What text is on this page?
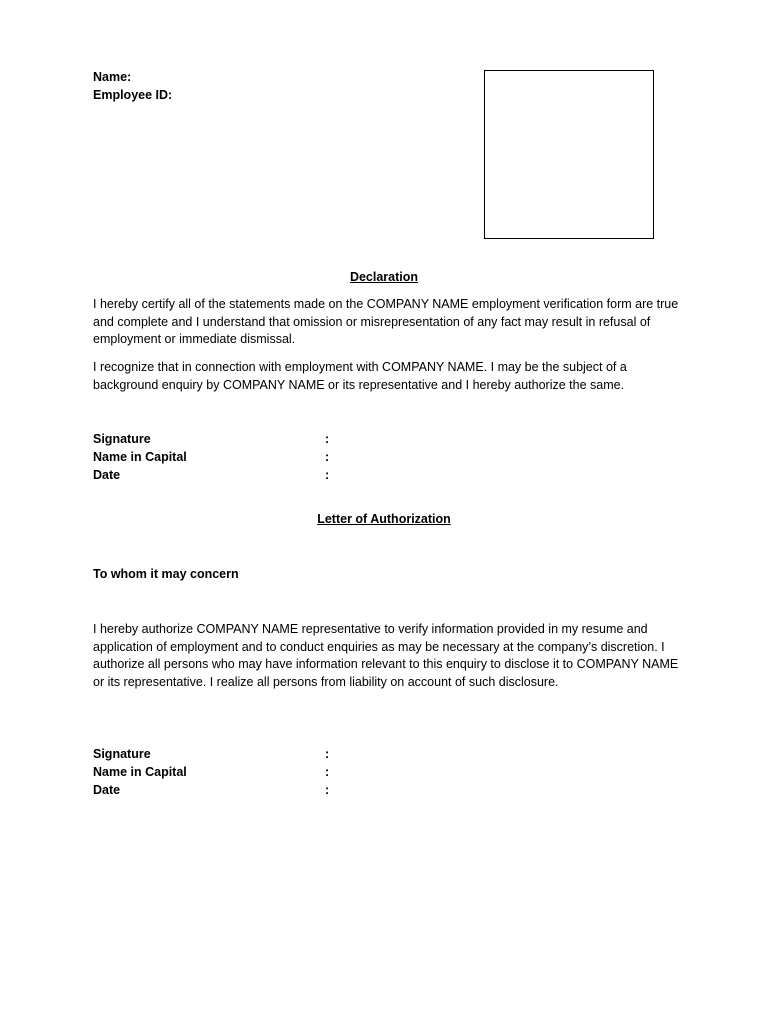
Name:
Employee ID:
Declaration
I hereby certify all of the statements made on the COMPANY NAME employment verification form are true and complete and I understand that omission or misrepresentation of any fact may result in refusal of employment or immediate dismissal.
I recognize that in connection with employment with COMPANY NAME. I may be the subject of a background enquiry by COMPANY NAME or its representative and I hereby authorize the same.
Signature	:
Name in Capital	:
Date	:
Letter of Authorization
To whom it may concern
I hereby authorize COMPANY NAME representative to verify information provided in my resume and application of employment and to conduct enquiries as may be necessary at the company’s discretion. I authorize all persons who may have information relevant to this enquiry to disclose it to COMPANY NAME or its representative. I realize all persons from liability on account of such disclosure.
Signature	:
Name in Capital	:
Date	:
